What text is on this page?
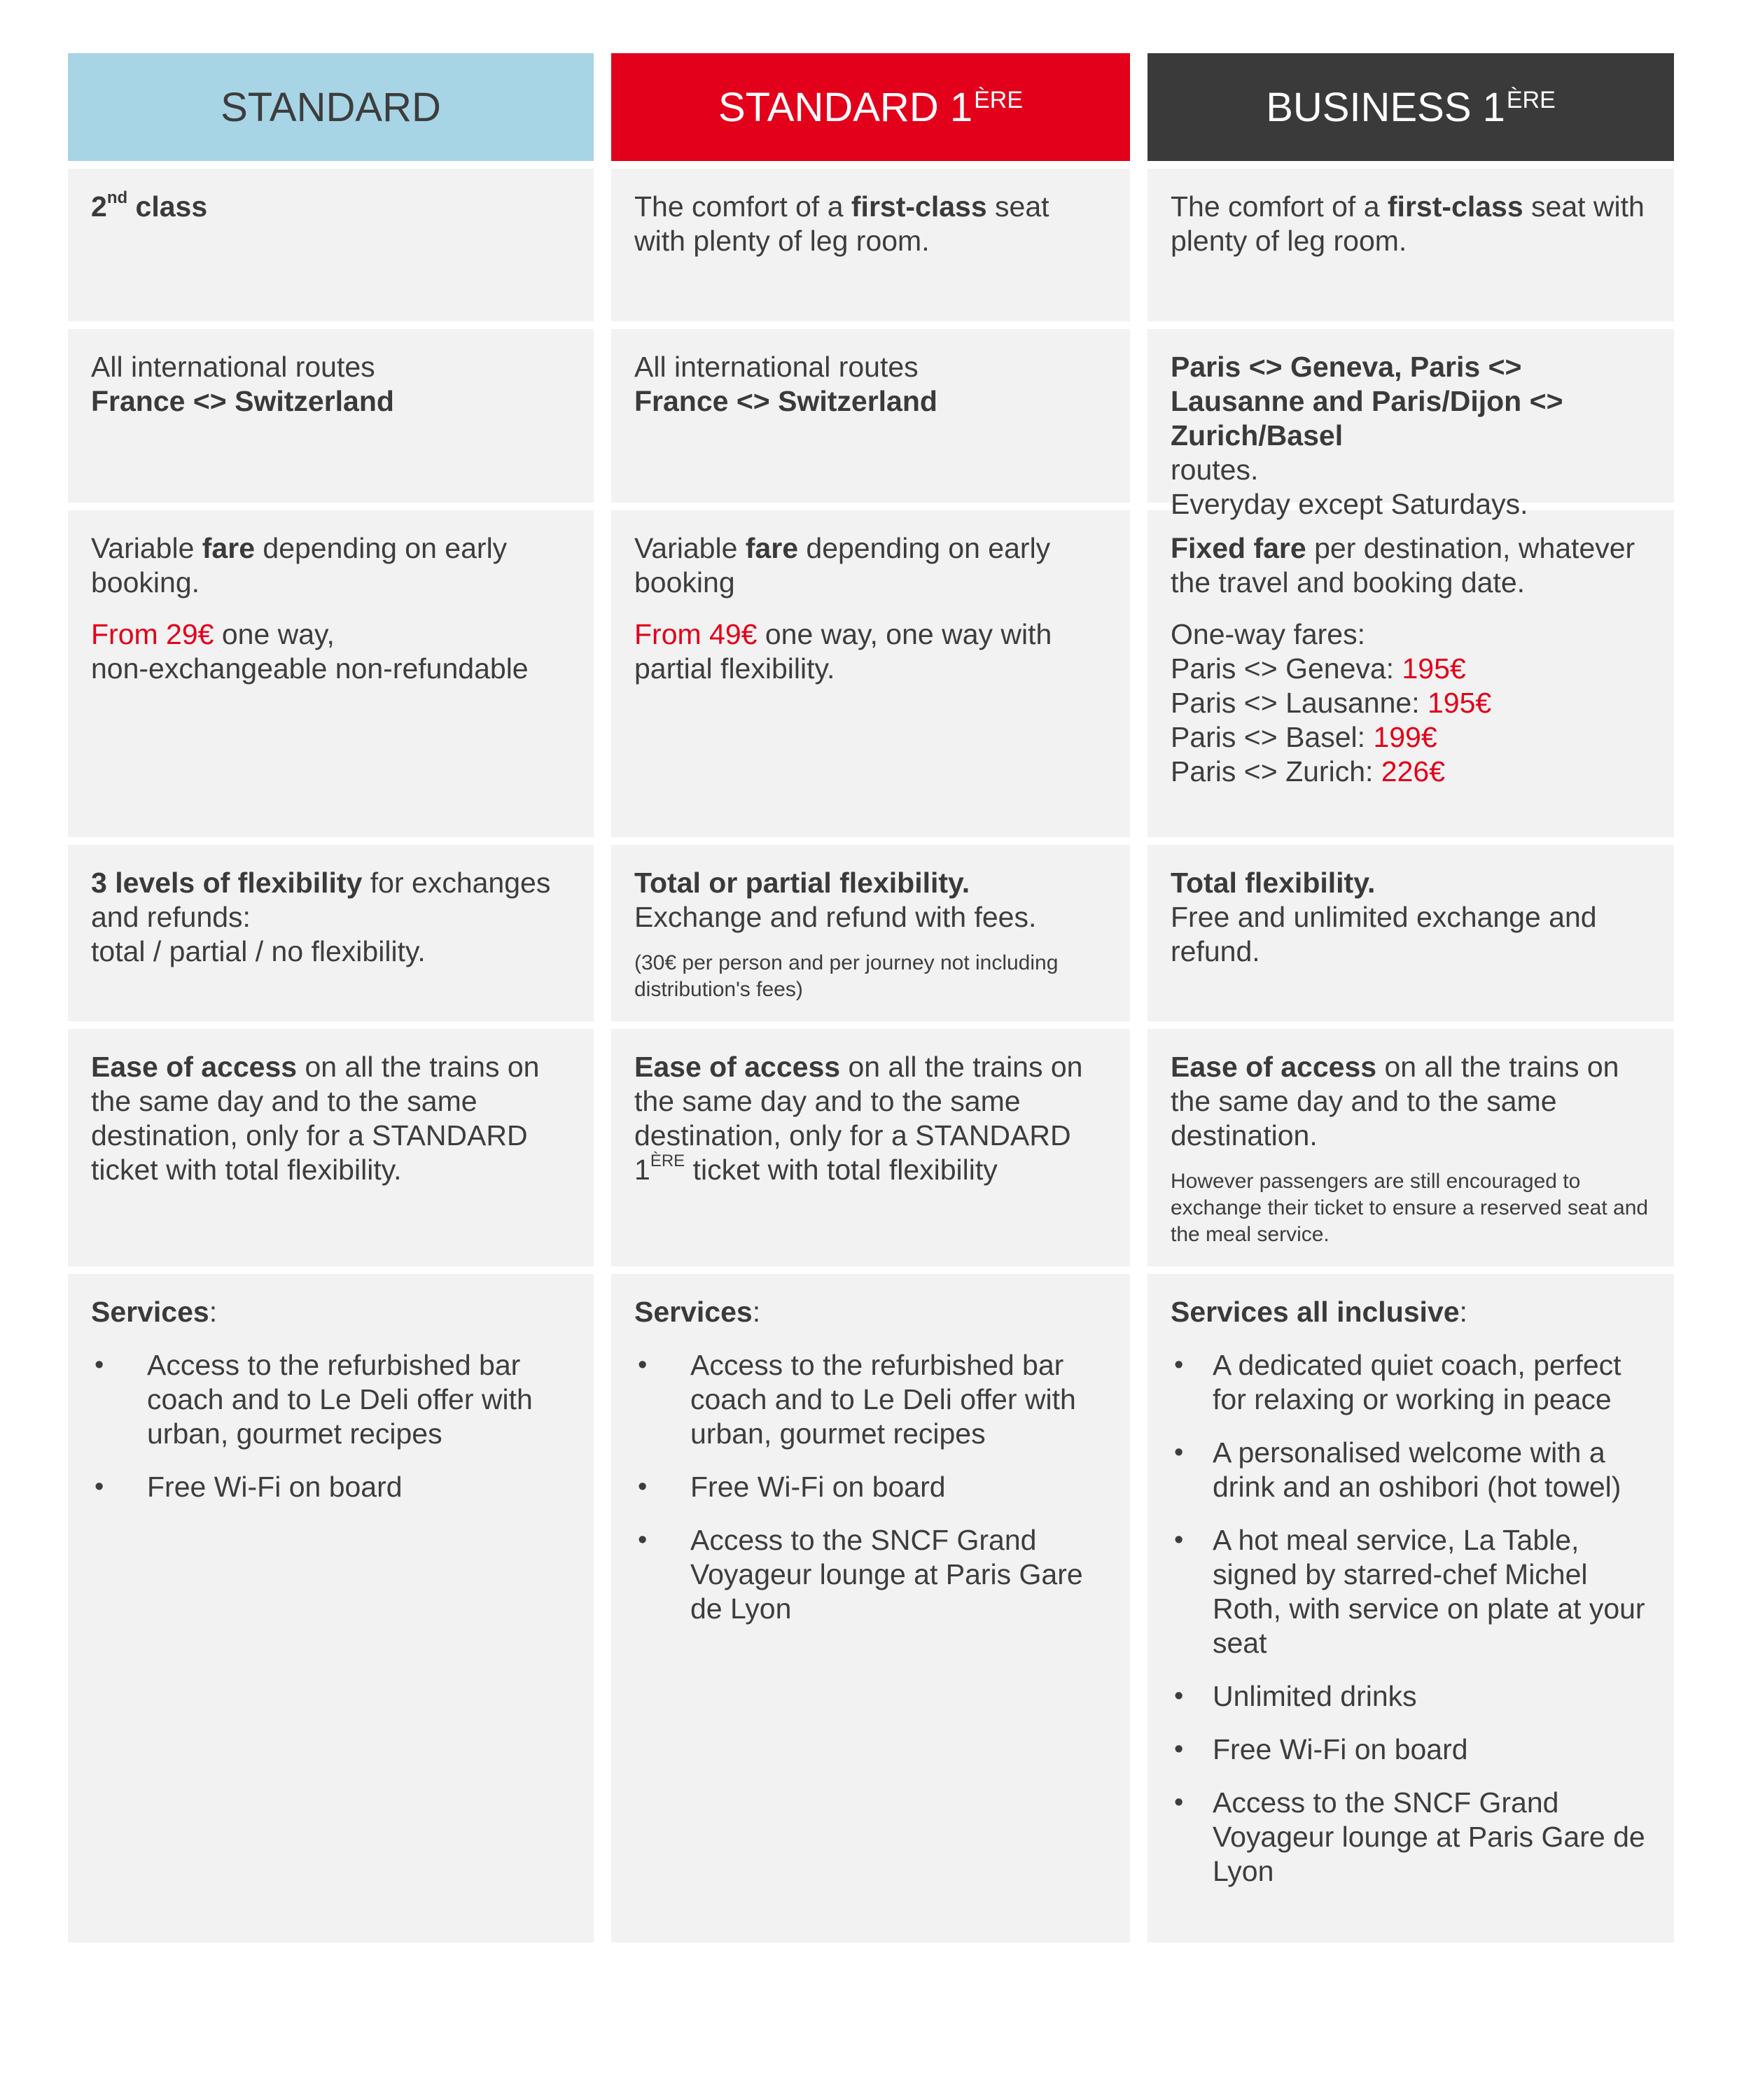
STANDARD
2nd class
All international routes
France <> Switzerland
Variable fare depending on early booking.
From 29€ one way,
non-exchangeable non-refundable
3 levels of flexibility for exchanges and refunds:
total / partial / no flexibility.
Ease of access on all the trains on the same day and to the same destination, only for a STANDARD ticket with total flexibility.
Services:
• Access to the refurbished bar coach and to Le Deli offer with urban, gourmet recipes
• Free Wi-Fi on board
STANDARD 1ÈRE
The comfort of a first-class seat with plenty of leg room.
All international routes
France <> Switzerland
Variable fare depending on early booking
From 49€ one way, one way with partial flexibility.
Total or partial flexibility.
Exchange and refund with fees.
(30€ per person and per journey not including distribution's fees)
Ease of access on all the trains on the same day and to the same destination, only for a STANDARD 1ÈRE ticket with total flexibility
Services:
• Access to the refurbished bar coach and to Le Deli offer with urban, gourmet recipes
• Free Wi-Fi on board
• Access to the SNCF Grand Voyageur lounge at Paris Gare de Lyon
BUSINESS 1ÈRE
The comfort of a first-class seat with plenty of leg room.
Paris <> Geneva, Paris <> Lausanne and Paris/Dijon <> Zurich/Basel
routes.
Everyday except Saturdays.
Fixed fare per destination, whatever the travel and booking date.
One-way fares:
Paris <> Geneva: 195€
Paris <> Lausanne: 195€
Paris <> Basel: 199€
Paris <> Zurich: 226€
Total flexibility.
Free and unlimited exchange and refund.
Ease of access on all the trains on the same day and to the same destination.
However passengers are still encouraged to exchange their ticket to ensure a reserved seat and the meal service.
Services all inclusive:
• A dedicated quiet coach, perfect for relaxing or working in peace
• A personalised welcome with a drink and an oshibori (hot towel)
• A hot meal service, La Table, signed by starred-chef Michel Roth, with service on plate at your seat
• Unlimited drinks
• Free Wi-Fi on board
• Access to the SNCF Grand Voyageur lounge at Paris Gare de Lyon
